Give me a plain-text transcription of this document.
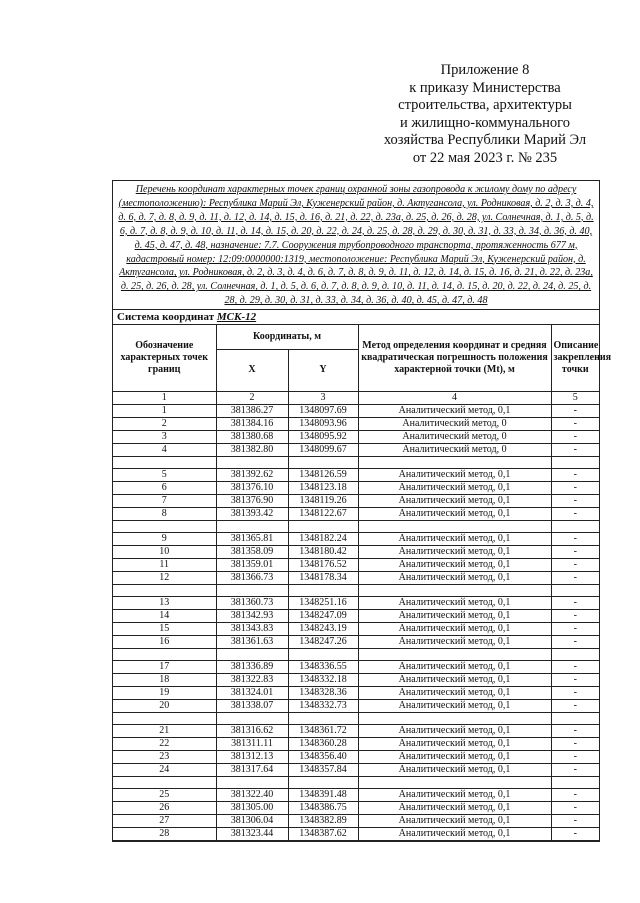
Приложение 8
к приказу Министерства
строительства, архитектуры
и жилищно-коммунального
хозяйства Республики Марий Эл
от 22 мая 2023 г. № 235
Перечень координат характерных точек границ охранной зоны газопровода к жилому дому по адресу (местоположению): Республика Марий Эл, Куженерский район, д. Актугансола, ул. Родниковая, д. 2, д. 3, д. 4, д. 6, д. 7, д. 8, д. 9, д. 11, д. 12, д. 14, д. 15, д. 16, д. 21, д. 22, д. 23а, д. 25, д. 26, д. 28, ул. Солнечная, д. 1, д. 5, д. 6, д. 7, д. 8, д. 9, д. 10, д. 11, д. 14, д. 15, д. 20, д. 22, д. 24, д. 25, д. 28, д. 29, д. 30, д. 31, д. 33, д. 34, д. 36, д. 40, д. 45, д. 47, д. 48, назначение: 7.7. Сооружения трубопроводного транспорта, протяженность 677 м, кадастровый номер: 12:09:0000000:1319, местоположение: Республика Марий Эл, Куженерский район, д. Актугансола, ул. Родниковая, д. 2, д. 3, д. 4, д. 6, д. 7, д. 8, д. 9, д. 11, д. 12, д. 14, д. 15, д. 16, д. 21, д. 22, д. 23а, д. 25, д. 26, д. 28, ул. Солнечная, д. 1, д. 5, д. 6, д. 7, д. 8, д. 9, д. 10, д. 11, д. 14, д. 15, д. 20, д. 22, д. 24, д. 25, д. 28, д. 29, д. 30, д. 31, д. 33, д. 34, д. 36, д. 40, д. 45, д. 47, д. 48
Система координат МСК-12
Обозначение характерных точек границ	Координаты, м		Метод определения координат и средняя квадратическая погрешность положения характерной точки (Mt), м	Описание закрепления точки
	X	Y		
1	2	3	4	5
1	381386.27	1348097.69	Аналитический метод, 0,1	-
2	381384.16	1348093.96	Аналитический метод, 0	-
3	381380.68	1348095.92	Аналитический метод, 0	-
4	381382.80	1348099.67	Аналитический метод, 0	-

5	381392.62	1348126.59	Аналитический метод, 0,1	-
6	381376.10	1348123.18	Аналитический метод, 0,1	-
7	381376.90	1348119.26	Аналитический метод, 0,1	-
8	381393.42	1348122.67	Аналитический метод, 0,1	-

9	381365.81	1348182.24	Аналитический метод, 0,1	-
10	381358.09	1348180.42	Аналитический метод, 0,1	-
11	381359.01	1348176.52	Аналитический метод, 0,1	-
12	381366.73	1348178.34	Аналитический метод, 0,1	-

13	381360.73	1348251.16	Аналитический метод, 0,1	-
14	381342.93	1348247.09	Аналитический метод, 0,1	-
15	381343.83	1348243.19	Аналитический метод, 0,1	-
16	381361.63	1348247.26	Аналитический метод, 0,1	-

17	381336.89	1348336.55	Аналитический метод, 0,1	-
18	381322.83	1348332.18	Аналитический метод, 0,1	-
19	381324.01	1348328.36	Аналитический метод, 0,1	-
20	381338.07	1348332.73	Аналитический метод, 0,1	-

21	381316.62	1348361.72	Аналитический метод, 0,1	-
22	381311.11	1348360.28	Аналитический метод, 0,1	-
23	381312.13	1348356.40	Аналитический метод, 0,1	-
24	381317.64	1348357.84	Аналитический метод, 0,1	-

25	381322.40	1348391.48	Аналитический метод, 0,1	-
26	381305.00	1348386.75	Аналитический метод, 0,1	-
27	381306.04	1348382.89	Аналитический метод, 0,1	-
28	381323.44	1348387.62	Аналитический метод, 0,1	-
